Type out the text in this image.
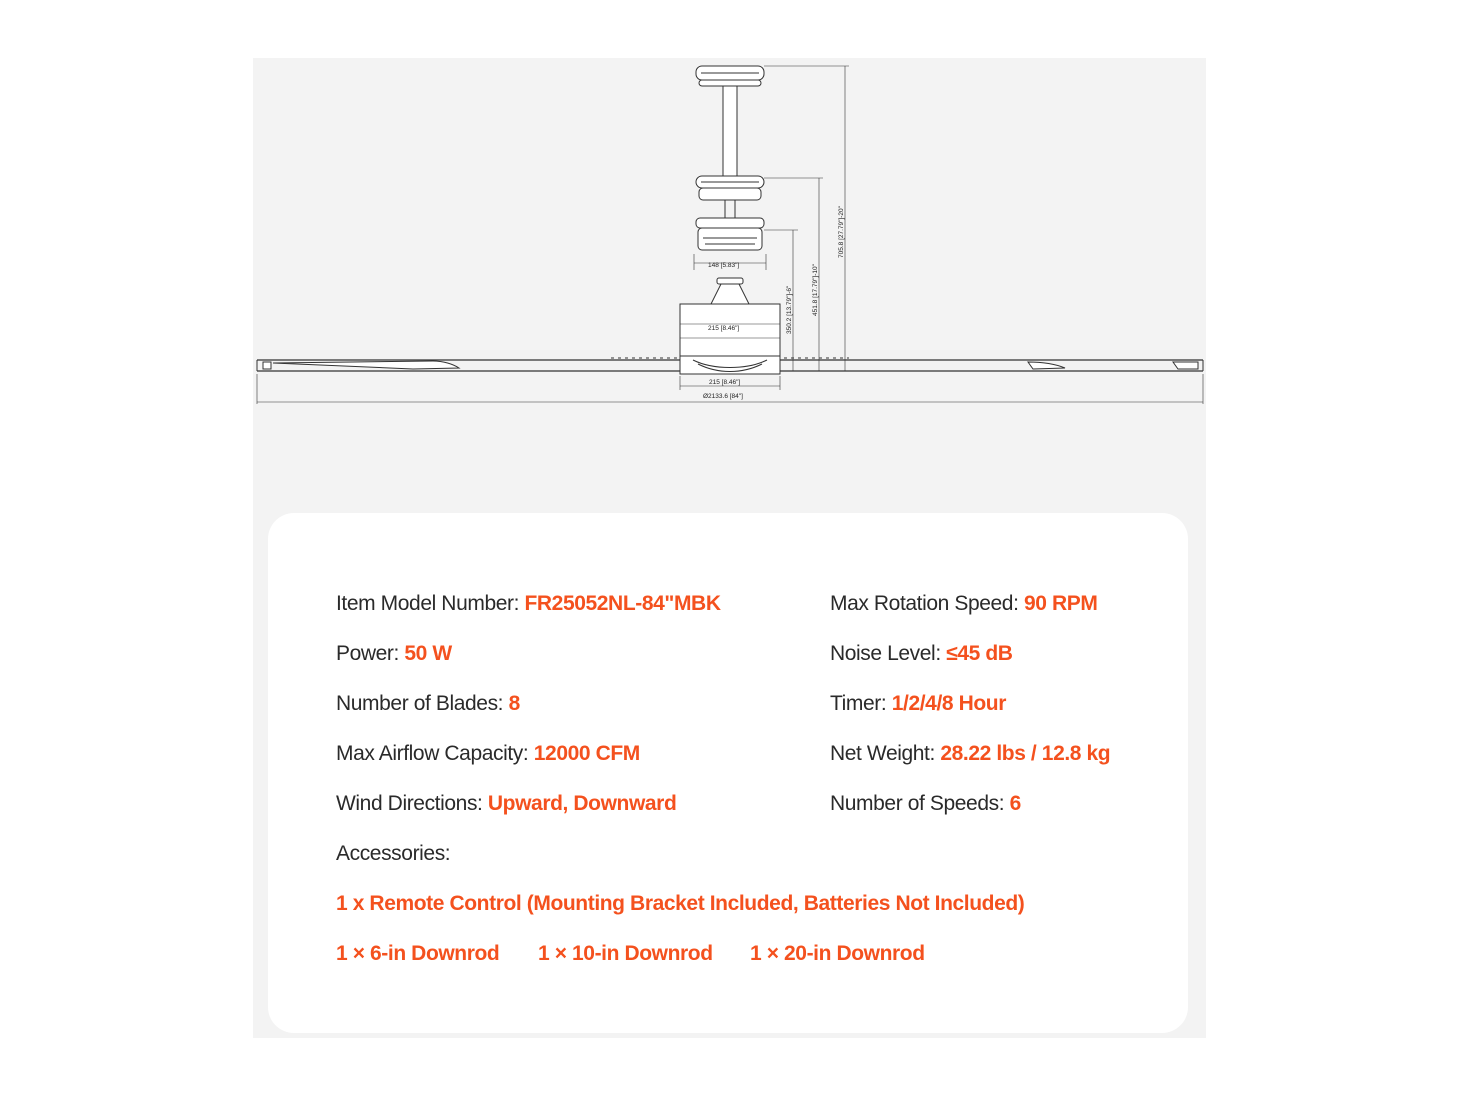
148 [5.83"]
215 [8.46"]
215 [8.46"]
Ø2133.6 [84"]
350.2 [13.79"]-6"	451.8 [17.79"]-10"
705.8 [27.79"]-20"
Item Model Number: FR25052NL-84"MBK
Power: 50 W
Number of Blades: 8
Max Airflow Capacity: 12000 CFM
Wind Directions: Upward, Downward
Max Rotation Speed: 90 RPM
Noise Level: ≤45 dB
Timer: 1/2/4/8 Hour
Net Weight: 28.22 lbs / 12.8 kg
Number of Speeds: 6
Accessories:
1 x Remote Control (Mounting Bracket Included, Batteries Not Included)
1 × 6-in Downrod 1 × 10-in Downrod 1 × 20-in Downrod
